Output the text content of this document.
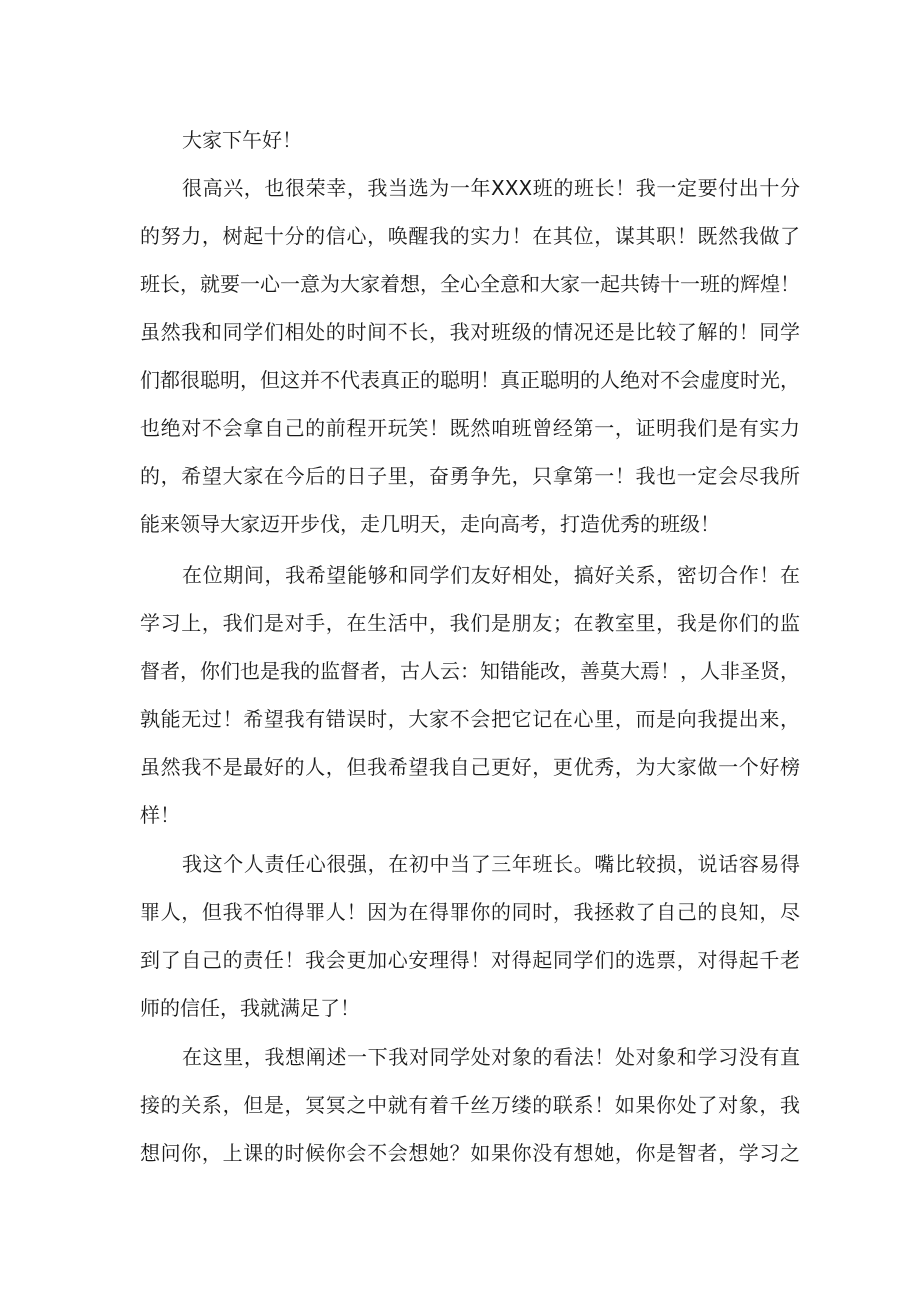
大家下午好！
很高兴，也很荣幸，我当选为一年XXX班的班长！我一定要付出十分
的努力，树起十分的信心，唤醒我的实力！在其位，谋其职！既然我做了
班长，就要一心一意为大家着想，全心全意和大家一起共铸十一班的辉煌！
虽然我和同学们相处的时间不长，我对班级的情况还是比较了解的！同学
们都很聪明，但这并不代表真正的聪明！真正聪明的人绝对不会虚度时光，
也绝对不会拿自己的前程开玩笑！既然咱班曾经第一，证明我们是有实力
的，希望大家在今后的日子里，奋勇争先，只拿第一！我也一定会尽我所
能来领导大家迈开步伐，走几明天，走向高考，打造优秀的班级！
在位期间，我希望能够和同学们友好相处，搞好关系，密切合作！在
学习上，我们是对手，在生活中，我们是朋友；在教室里，我是你们的监
督者，你们也是我的监督者，古人云：知错能改，善莫大焉！，人非圣贤，
孰能无过！希望我有错误时，大家不会把它记在心里，而是向我提出来，
虽然我不是最好的人，但我希望我自己更好，更优秀，为大家做一个好榜
样！
我这个人责任心很强，在初中当了三年班长。嘴比较损，说话容易得
罪人，但我不怕得罪人！因为在得罪你的同时，我拯救了自己的良知，尽
到了自己的责任！我会更加心安理得！对得起同学们的选票，对得起千老
师的信任，我就满足了！
在这里，我想阐述一下我对同学处对象的看法！处对象和学习没有直
接的关系，但是，冥冥之中就有着千丝万缕的联系！如果你处了对象，我
想问你，上课的时候你会不会想她？如果你没有想她，你是智者，学习之
